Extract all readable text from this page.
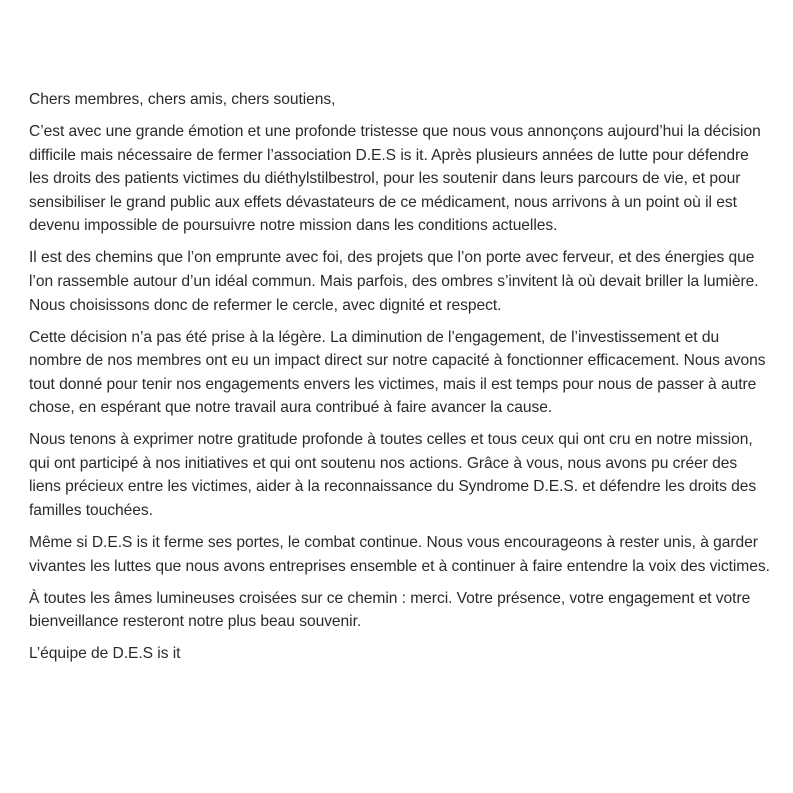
Chers membres, chers amis, chers soutiens,

C’est avec une grande émotion et une profonde tristesse que nous vous annonçons aujourd’hui la décision difficile mais nécessaire de fermer l’association D.E.S is it. Après plusieurs années de lutte pour défendre les droits des patients victimes du diéthylstilbestrol, pour les soutenir dans leurs parcours de vie, et pour sensibiliser le grand public aux effets dévastateurs de ce médicament, nous arrivons à un point où il est devenu impossible de poursuivre notre mission dans les conditions actuelles.

Il est des chemins que l’on emprunte avec foi, des projets que l’on porte avec ferveur, et des énergies que l’on rassemble autour d’un idéal commun. Mais parfois, des ombres s’invitent là où devait briller la lumière. Nous choisissons donc de refermer le cercle, avec dignité et respect.

Cette décision n’a pas été prise à la légère. La diminution de l’engagement, de l’investissement et du nombre de nos membres ont eu un impact direct sur notre capacité à fonctionner efficacement. Nous avons tout donné pour tenir nos engagements envers les victimes, mais il est temps pour nous de passer à autre chose, en espérant que notre travail aura contribué à faire avancer la cause.

Nous tenons à exprimer notre gratitude profonde à toutes celles et tous ceux qui ont cru en notre mission, qui ont participé à nos initiatives et qui ont soutenu nos actions. Grâce à vous, nous avons pu créer des liens précieux entre les victimes, aider à la reconnaissance du Syndrome D.E.S. et défendre les droits des familles touchées.

Même si D.E.S is it ferme ses portes, le combat continue. Nous vous encourageons à rester unis, à garder vivantes les luttes que nous avons entreprises ensemble et à continuer à faire entendre la voix des victimes.

À toutes les âmes lumineuses croisées sur ce chemin : merci. Votre présence, votre engagement et votre bienveillance resteront notre plus beau souvenir.

L’équipe de D.E.S is it
